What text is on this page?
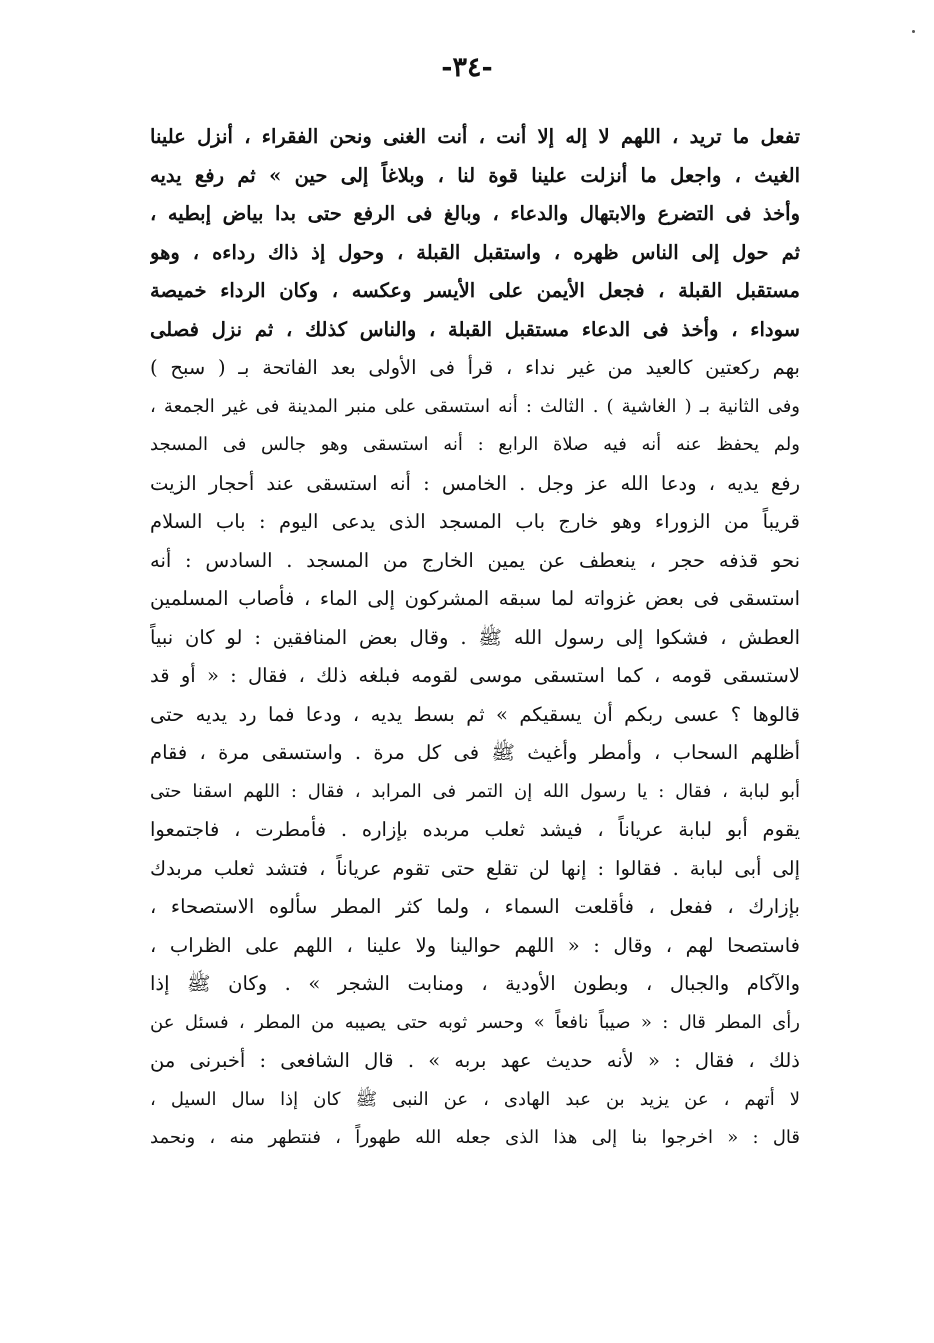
-٣٤-
تفعل ما تريد ، اللهم لا إله إلا أنت ، أنت الغنى ونحن الفقراء ، أنزل علينا
الغيث ، واجعل ما أنزلت علينا قوة لنا ، وبلاغاً إلى حين » ثم رفع يديه
وأخذ فى التضرع والابتهال والدعاء ، وبالغ فى الرفع حتى بدا بياض إبطيه ،
ثم حول إلى الناس ظهره ، واستقبل القبلة ، وحول إذ ذاك رداءه ، وهو
مستقبل القبلة ، فجعل الأيمن على الأيسر وعكسه ، وكان الرداء خميصة
سوداء ، وأخذ فى الدعاء مستقبل القبلة ، والناس كذلك ، ثم نزل فصلى
بهم ركعتين كالعيد من غير نداء ، قرأ فى الأولى بعد الفاتحة بـ ( سبح )
وفى الثانية بـ ( الغاشية ) . الثالث : أنه استسقى على منبر المدينة فى غير الجمعة ،
ولم يحفظ عنه أنه فيه صلاة الرابع : أنه استسقى وهو جالس فى المسجد
رفع يديه ، ودعا الله عز وجل . الخامس : أنه استسقى عند أحجار الزيت
قريباً من الزوراء وهو خارج باب المسجد الذى يدعى اليوم : باب السلام
نحو قذفه حجر ، ينعطف عن يمين الخارج من المسجد . السادس : أنه
استسقى فى بعض غزواته لما سبقه المشركون إلى الماء ، فأصاب المسلمين
العطش ، فشكوا إلى رسول الله ﷺ . وقال بعض المنافقين : لو كان نبياً
لاستسقى قومه ، كما استسقى موسى لقومه فبلغه ذلك ، فقال : « أو قد
قالوها ؟ عسى ربكم أن يسقيكم » ثم بسط يديه ، ودعا فما رد يديه حتى
أظلهم السحاب ، وأمطر وأغيث ﷺ فى كل مرة . واستسقى مرة ، فقام
أبو لبابة ، فقال : يا رسول الله إن التمر فى المرابد ، فقال : اللهم اسقنا حتى
يقوم أبو لبابة عرياناً ، فيشد ثعلب مربده بإزاره . فأمطرت ، فاجتمعوا
إلى أبى لبابة . فقالوا : إنها لن تقلع حتى تقوم عرياناً ، فتشد ثعلب مربدك
بإزارك ، ففعل ، فأقلعت السماء ، ولما كثر المطر سألوه الاستصحاء ،
فاستصحا لهم ، وقال : « اللهم حوالينا ولا علينا ، اللهم على الظراب ،
والآكام والجبال ، وبطون الأودية ، ومنابت الشجر » . وكان ﷺ إذا
رأى المطر قال : « صيباً نافعاً » وحسر ثوبه حتى يصيبه من المطر ، فسئل عن
ذلك ، فقال : « لأنه حديث عهد بربه » . قال الشافعى : أخبرنى من
لا أتهم ، عن يزيد بن عبد الهادى ، عن النبى ﷺ كان إذا سال السيل ،
قال : « اخرجوا بنا إلى هذا الذى جعله الله طهوراً ، فنتطهر منه ، ونحمد
